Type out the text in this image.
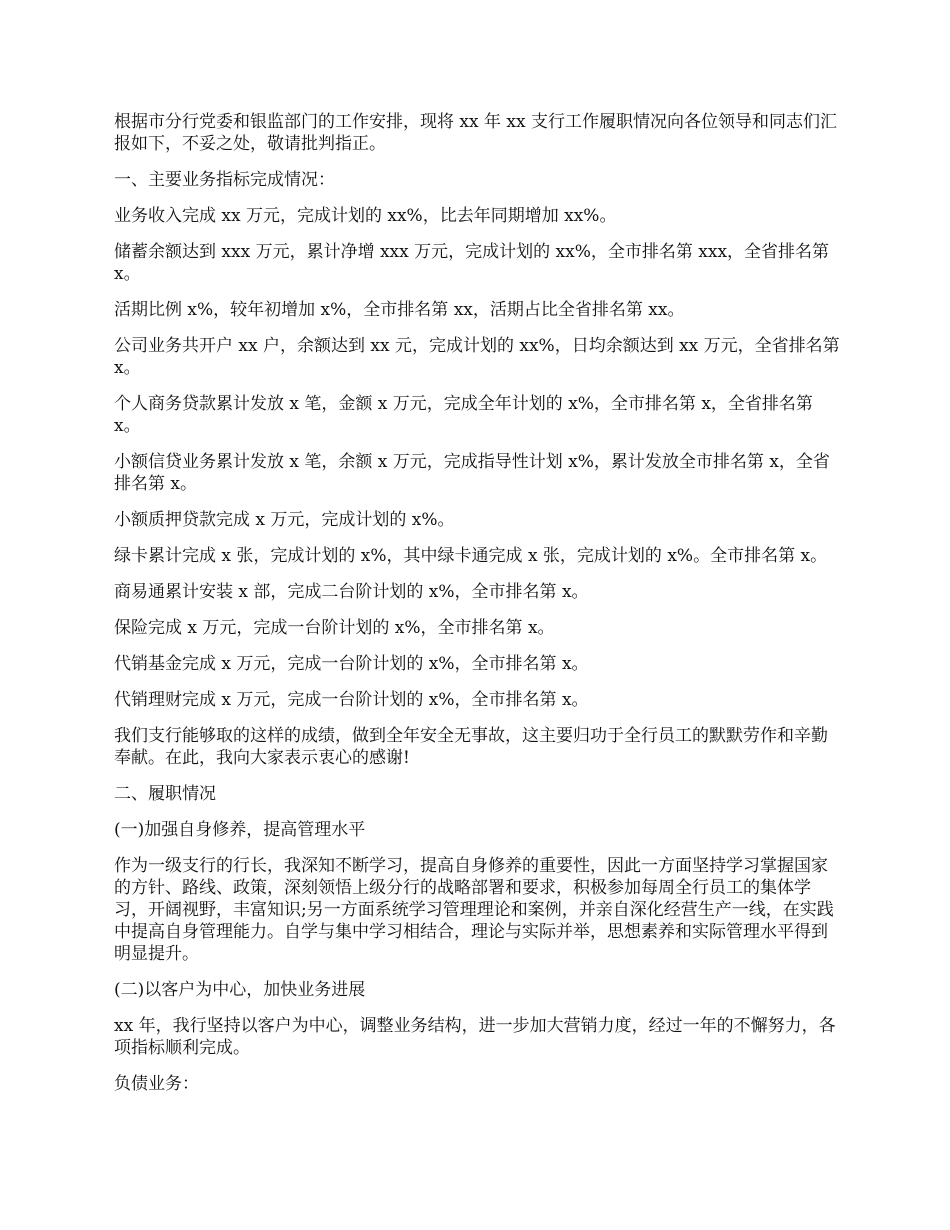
根据市分行党委和银监部门的工作安排，现将 xx 年 xx 支行工作履职情况向各位领导和同志们汇报如下，不妥之处，敬请批判指正。

一、主要业务指标完成情况：

业务收入完成 xx 万元，完成计划的 xx%，比去年同期增加 xx%。

储蓄余额达到 xxx 万元，累计净增 xxx 万元，完成计划的 xx%，全市排名第 xxx，全省排名第 x。

活期比例 x%，较年初增加 x%，全市排名第 xx，活期占比全省排名第 xx。

公司业务共开户 xx 户，余额达到 xx 元，完成计划的 xx%，日均余额达到 xx 万元，全省排名第 x。

个人商务贷款累计发放 x 笔，金额 x 万元，完成全年计划的 x%，全市排名第 x，全省排名第 x。

小额信贷业务累计发放 x 笔，余额 x 万元，完成指导性计划 x%，累计发放全市排名第 x，全省排名第 x。

小额质押贷款完成 x 万元，完成计划的 x%。

绿卡累计完成 x 张，完成计划的 x%，其中绿卡通完成 x 张，完成计划的 x%。全市排名第 x。

商易通累计安装 x 部，完成二台阶计划的 x%，全市排名第 x。

保险完成 x 万元，完成一台阶计划的 x%，全市排名第 x。

代销基金完成 x 万元，完成一台阶计划的 x%，全市排名第 x。

代销理财完成 x 万元，完成一台阶计划的 x%，全市排名第 x。

我们支行能够取的这样的成绩，做到全年安全无事故，这主要归功于全行员工的默默劳作和辛勤奉献。在此，我向大家表示衷心的感谢!

二、履职情况

(一)加强自身修养，提高管理水平

作为一级支行的行长，我深知不断学习，提高自身修养的重要性，因此一方面坚持学习掌握国家的方针、路线、政策，深刻领悟上级分行的战略部署和要求，积极参加每周全行员工的集体学习，开阔视野，丰富知识;另一方面系统学习管理理论和案例，并亲自深化经营生产一线，在实践中提高自身管理能力。自学与集中学习相结合，理论与实际并举，思想素养和实际管理水平得到明显提升。

(二)以客户为中心，加快业务进展

xx 年，我行坚持以客户为中心，调整业务结构，进一步加大营销力度，经过一年的不懈努力，各项指标顺利完成。

负债业务：
